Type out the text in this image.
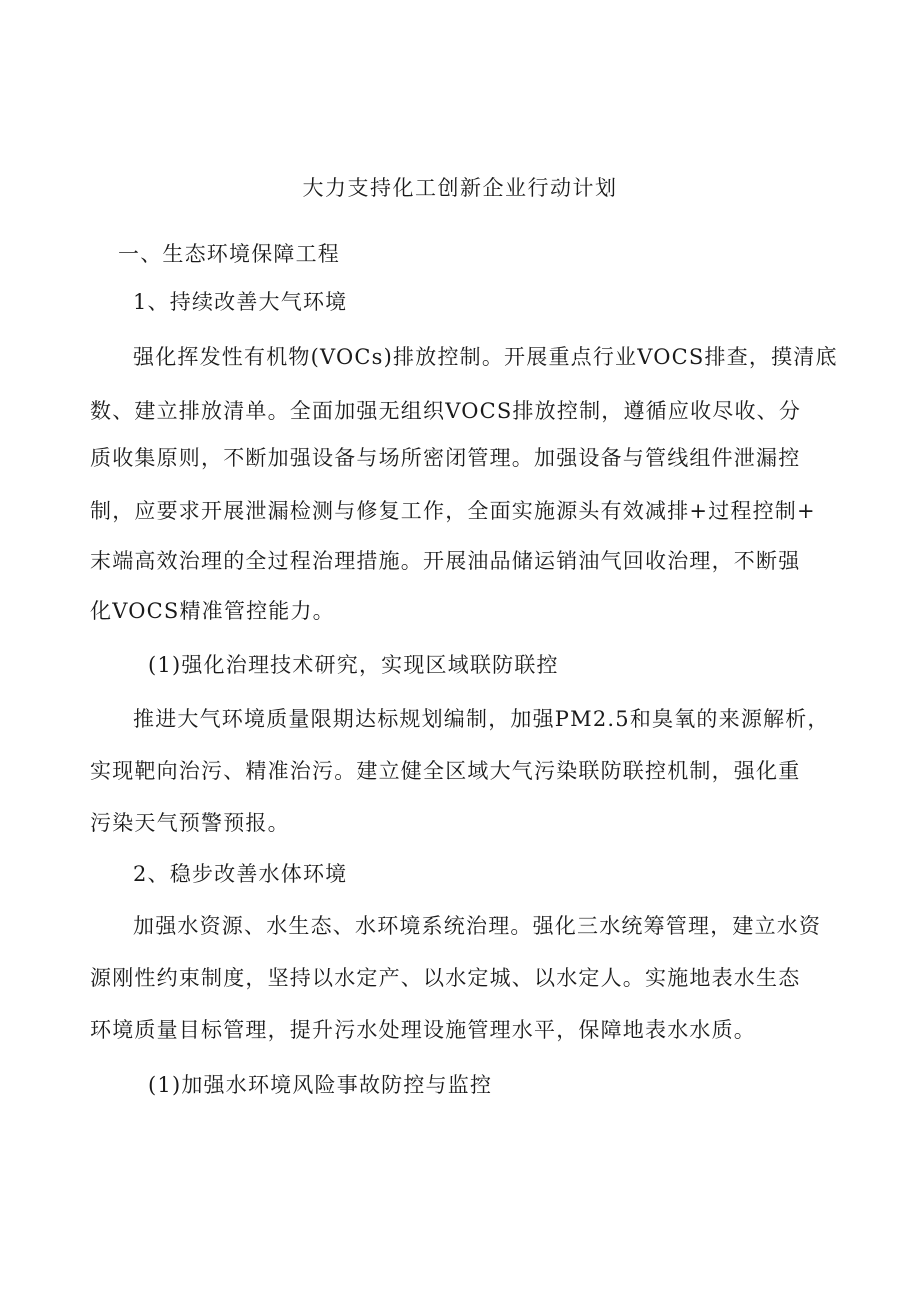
大力支持化工创新企业行动计划
一、生态环境保障工程
1、持续改善大气环境
强化挥发性有机物(VOCs)排放控制。开展重点行业VOCS排查，摸清底
数、建立排放清单。全面加强无组织VOCS排放控制，遵循应收尽收、分
质收集原则，不断加强设备与场所密闭管理。加强设备与管线组件泄漏控
制，应要求开展泄漏检测与修复工作，全面实施源头有效减排+过程控制+
末端高效治理的全过程治理措施。开展油品储运销油气回收治理，不断强
化VOCS精准管控能力。
(1)强化治理技术研究，实现区域联防联控
推进大气环境质量限期达标规划编制，加强PM2.5和臭氧的来源解析，
实现靶向治污、精准治污。建立健全区域大气污染联防联控机制，强化重
污染天气预警预报。
2、稳步改善水体环境
加强水资源、水生态、水环境系统治理。强化三水统筹管理，建立水资
源刚性约束制度，坚持以水定产、以水定城、以水定人。实施地表水生态
环境质量目标管理，提升污水处理设施管理水平，保障地表水水质。
(1)加强水环境风险事故防控与监控
